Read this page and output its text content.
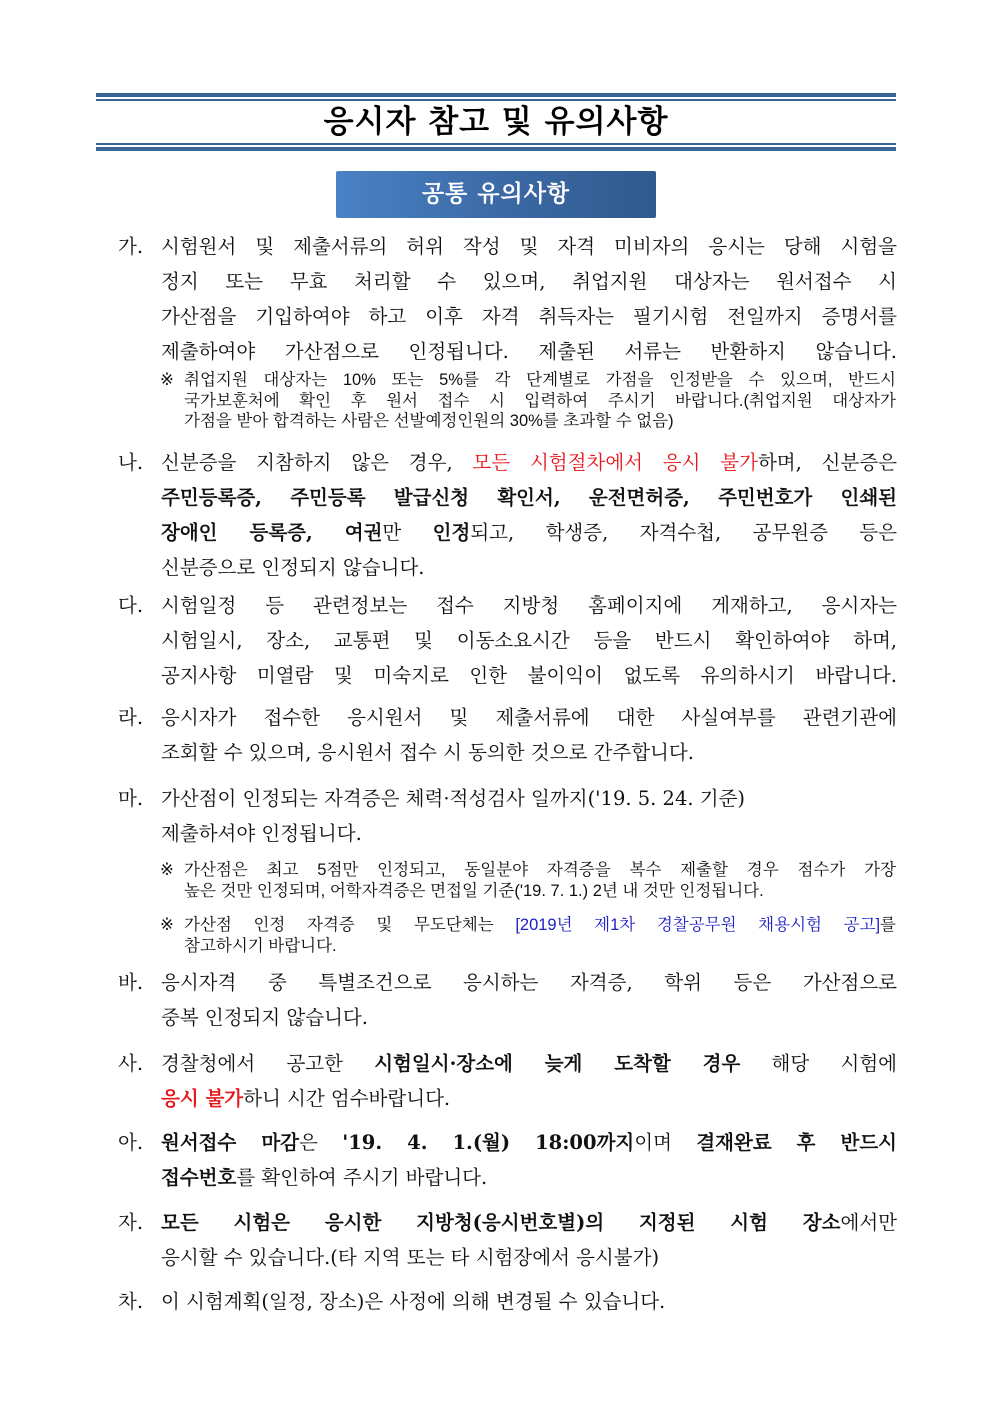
응시자 참고 및 유의사항
공통 유의사항
가. 시험원서 및 제출서류의 허위 작성 및 자격 미비자의 응시는 당해 시험을
정지 또는 무효 처리할 수 있으며, 취업지원 대상자는 원서접수 시
가산점을 기입하여야 하고 이후 자격 취득자는 필기시험 전일까지 증명서를
제출하여야 가산점으로 인정됩니다. 제출된 서류는 반환하지 않습니다.
※ 취업지원 대상자는 10% 또는 5%를 각 단계별로 가점을 인정받을 수 있으며, 반드시
국가보훈처에 확인 후 원서 접수 시 입력하여 주시기 바랍니다.(취업지원 대상자가
가점을 받아 합격하는 사람은 선발예정인원의 30%를 초과할 수 없음)
나. 신분증을 지참하지 않은 경우, 모든 시험절차에서 응시 불가하며, 신분증은
주민등록증, 주민등록 발급신청 확인서, 운전면허증, 주민번호가 인쇄된
장애인 등록증, 여권만 인정되고, 학생증, 자격수첩, 공무원증 등은
신분증으로 인정되지 않습니다.
다. 시험일정 등 관련정보는 접수 지방청 홈페이지에 게재하고, 응시자는
시험일시, 장소, 교통편 및 이동소요시간 등을 반드시 확인하여야 하며,
공지사항 미열람 및 미숙지로 인한 불이익이 없도록 유의하시기 바랍니다.
라. 응시자가 접수한 응시원서 및 제출서류에 대한 사실여부를 관련기관에
조회할 수 있으며, 응시원서 접수 시 동의한 것으로 간주합니다.
마. 가산점이 인정되는 자격증은 체력·적성검사 일까지('19. 5. 24. 기준)
제출하셔야 인정됩니다.
※ 가산점은 최고 5점만 인정되고, 동일분야 자격증을 복수 제출할 경우 점수가 가장
높은 것만 인정되며, 어학자격증은 면접일 기준('19. 7. 1.) 2년 내 것만 인정됩니다.
※ 가산점 인정 자격증 및 무도단체는 [2019년 제1차 경찰공무원 채용시험 공고]를
참고하시기 바랍니다.
바. 응시자격 중 특별조건으로 응시하는 자격증, 학위 등은 가산점으로
중복 인정되지 않습니다.
사. 경찰청에서 공고한 시험일시·장소에 늦게 도착할 경우 해당 시험에
응시 불가하니 시간 엄수바랍니다.
아. 원서접수 마감은 '19. 4. 1.(월) 18:00까지이며 결재완료 후 반드시
접수번호를 확인하여 주시기 바랍니다.
자. 모든 시험은 응시한 지방청(응시번호별)의 지정된 시험 장소에서만
응시할 수 있습니다.(타 지역 또는 타 시험장에서 응시불가)
차. 이 시험계획(일정, 장소)은 사정에 의해 변경될 수 있습니다.
